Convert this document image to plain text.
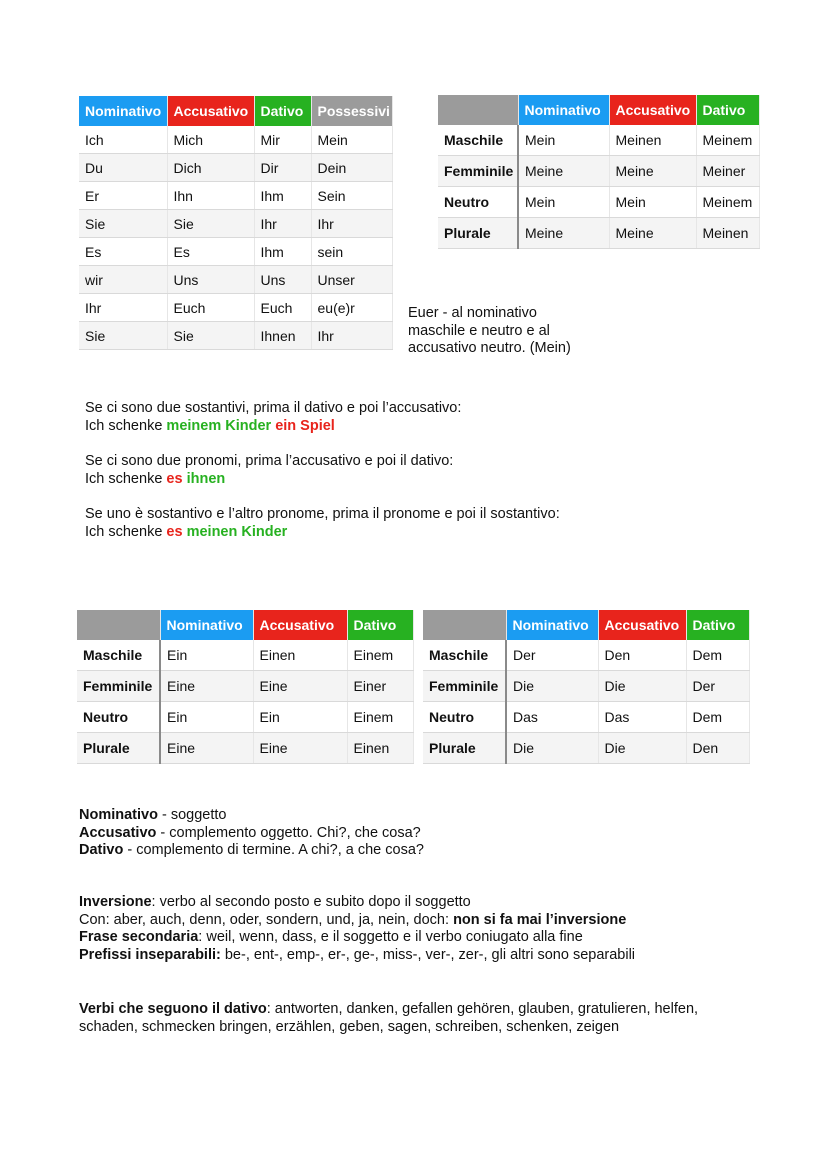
Nominativo	Accusativo	Dativo	Possessivi
Ich	Mich	Mir	Mein
Du	Dich	Dir	Dein
Er	Ihn	Ihm	Sein
Sie	Sie	Ihr	Ihr
Es	Es	Ihm	sein
wir	Uns	Uns	Unser
Ihr	Euch	Euch	eu(e)r
Sie	Sie	Ihnen	Ihr
	Nominativo	Accusativo	Dativo
Maschile	Mein	Meinen	Meinem
Femminile	Meine	Meine	Meiner
Neutro	Mein	Mein	Meinem
Plurale	Meine	Meine	Meinen
Euer - al nominativo
maschile e neutro e al
accusativo neutro. (Mein)
Se ci sono due sostantivi, prima il dativo e poi l’accusativo:
Ich schenke meinem Kinder ein Spiel
Se ci sono due pronomi, prima l’accusativo e poi il dativo:
Ich schenke es ihnen
Se uno è sostantivo e l’altro pronome, prima il pronome e poi il sostantivo:
Ich schenke es meinen Kinder
	Nominativo	Accusativo	Dativo
Maschile	Ein	Einen	Einem
Femminile	Eine	Eine	Einer
Neutro	Ein	Ein	Einem
Plurale	Eine	Eine	Einen
	Nominativo	Accusativo	Dativo
Maschile	Der	Den	Dem
Femminile	Die	Die	Der
Neutro	Das	Das	Dem
Plurale	Die	Die	Den
Nominativo - soggetto
Accusativo - complemento oggetto. Chi?, che cosa?
Dativo - complemento di termine. A chi?, a che cosa?
Inversione: verbo al secondo posto e subito dopo il soggetto
Con: aber, auch, denn, oder, sondern, und, ja, nein, doch: non si fa mai l’inversione
Frase secondaria: weil, wenn, dass, e il soggetto e il verbo coniugato alla fine
Prefissi inseparabili: be-, ent-, emp-, er-, ge-, miss-, ver-, zer-, gli altri sono separabili
Verbi che seguono il dativo: antworten, danken, gefallen gehören, glauben, gratulieren, helfen,
schaden, schmecken bringen, erzählen, geben, sagen, schreiben, schenken, zeigen
